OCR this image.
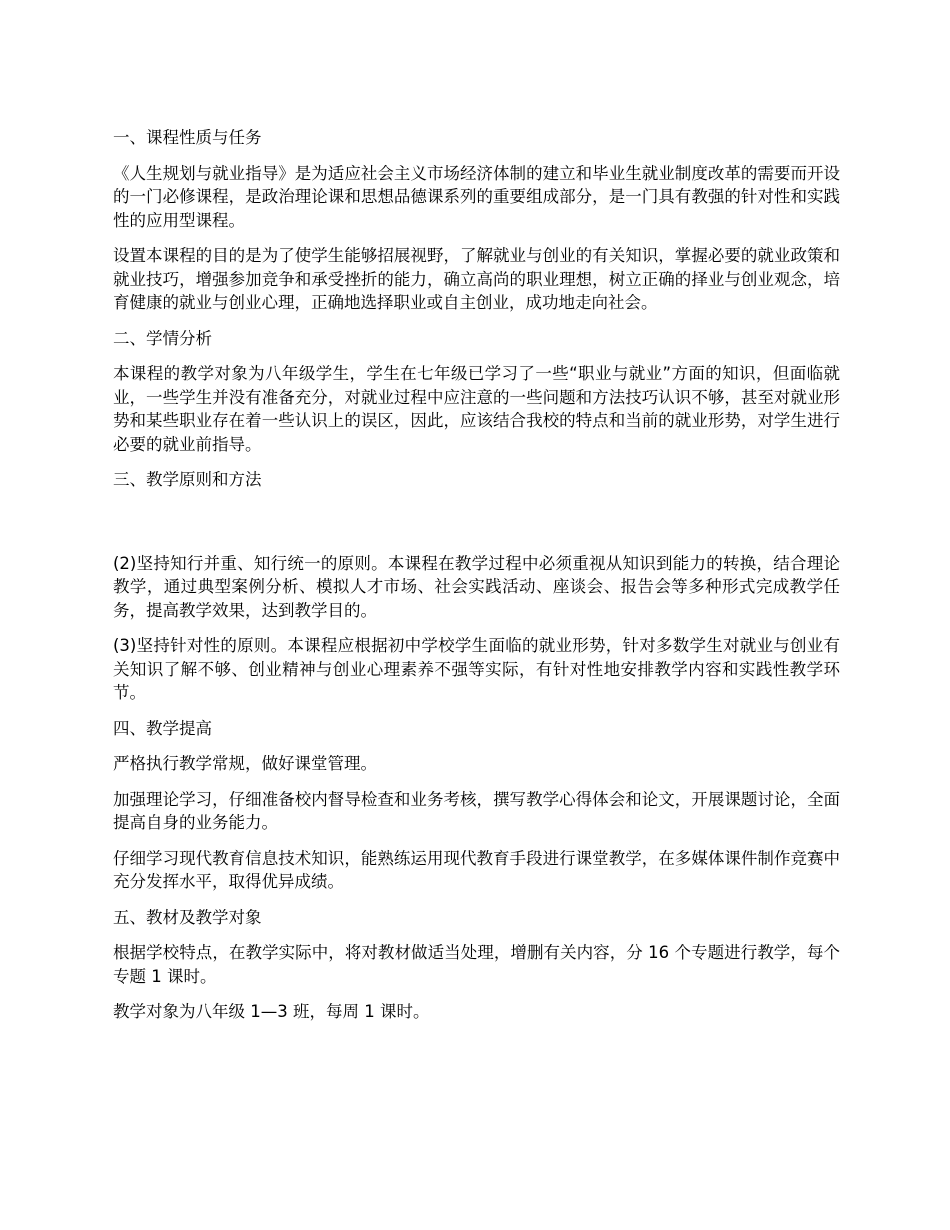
一、课程性质与任务

《人生规划与就业指导》是为适应社会主义市场经济体制的建立和毕业生就业制度改革的需要而开设的一门必修课程，是政治理论课和思想品德课系列的重要组成部分，是一门具有教强的针对性和实践性的应用型课程。

设置本课程的目的是为了使学生能够招展视野，了解就业与创业的有关知识，掌握必要的就业政策和就业技巧，增强参加竞争和承受挫折的能力，确立高尚的职业理想，树立正确的择业与创业观念，培育健康的就业与创业心理，正确地选择职业或自主创业，成功地走向社会。

二、学情分析

本课程的教学对象为八年级学生，学生在七年级已学习了一些“职业与就业”方面的知识，但面临就业，一些学生并没有准备充分，对就业过程中应注意的一些问题和方法技巧认识不够，甚至对就业形势和某些职业存在着一些认识上的误区，因此，应该结合我校的特点和当前的就业形势，对学生进行必要的就业前指导。

三、教学原则和方法

(2)坚持知行并重、知行统一的原则。本课程在教学过程中必须重视从知识到能力的转换，结合理论教学，通过典型案例分析、模拟人才市场、社会实践活动、座谈会、报告会等多种形式完成教学任务，提高教学效果，达到教学目的。

(3)坚持针对性的原则。本课程应根据初中学校学生面临的就业形势，针对多数学生对就业与创业有关知识了解不够、创业精神与创业心理素养不强等实际，有针对性地安排教学内容和实践性教学环节。

四、教学提高

严格执行教学常规，做好课堂管理。

加强理论学习，仔细准备校内督导检查和业务考核，撰写教学心得体会和论文，开展课题讨论，全面提高自身的业务能力。

仔细学习现代教育信息技术知识，能熟练运用现代教育手段进行课堂教学，在多媒体课件制作竞赛中充分发挥水平，取得优异成绩。

五、教材及教学对象

根据学校特点，在教学实际中，将对教材做适当处理，增删有关内容，分 16 个专题进行教学，每个专题 1 课时。

教学对象为八年级 1—3 班，每周 1 课时。
